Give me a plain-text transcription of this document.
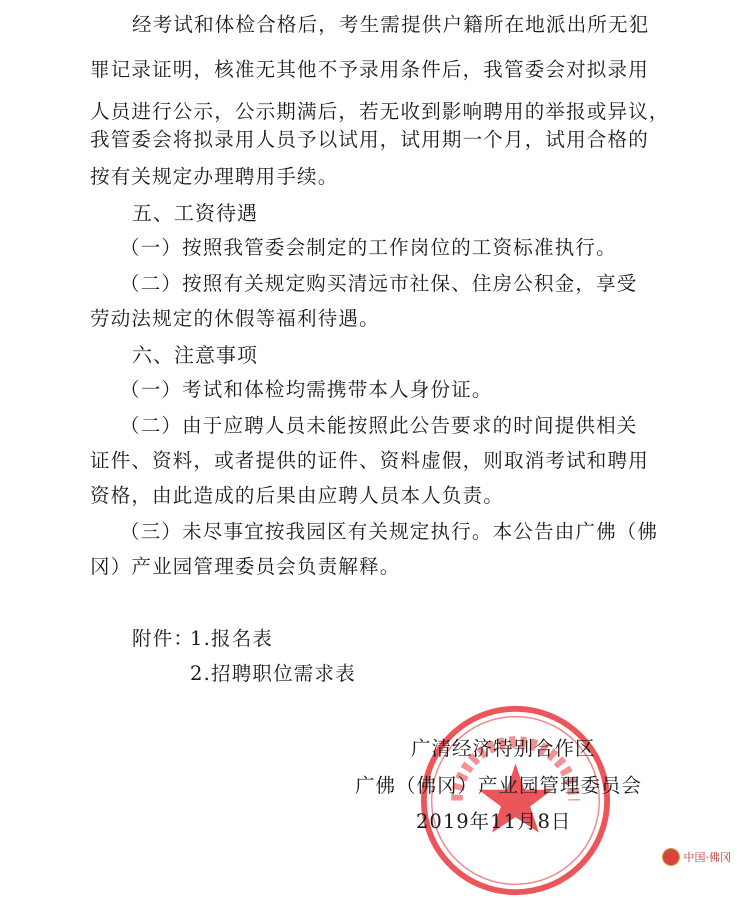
经考试和体检合格后，考生需提供户籍所在地派出所无犯
罪记录证明，核准无其他不予录用条件后，我管委会对拟录用
人员进行公示，公示期满后，若无收到影响聘用的举报或异议，
我管委会将拟录用人员予以试用，试用期一个月，试用合格的
按有关规定办理聘用手续。
五、工资待遇
（一）按照我管委会制定的工作岗位的工资标准执行。
（二）按照有关规定购买清远市社保、住房公积金，享受
劳动法规定的休假等福利待遇。
六、注意事项
（一）考试和体检均需携带本人身份证。
（二）由于应聘人员未能按照此公告要求的时间提供相关
证件、资料，或者提供的证件、资料虚假，则取消考试和聘用
资格，由此造成的后果由应聘人员本人负责。
（三）未尽事宜按我园区有关规定执行。本公告由广佛（佛
冈）产业园管理委员会负责解释。
附件：
1.报名表
2.招聘职位需求表
广清经济特别合作区
广佛（佛冈）产业园管理委员会
2019年11月8日
中国·佛冈
